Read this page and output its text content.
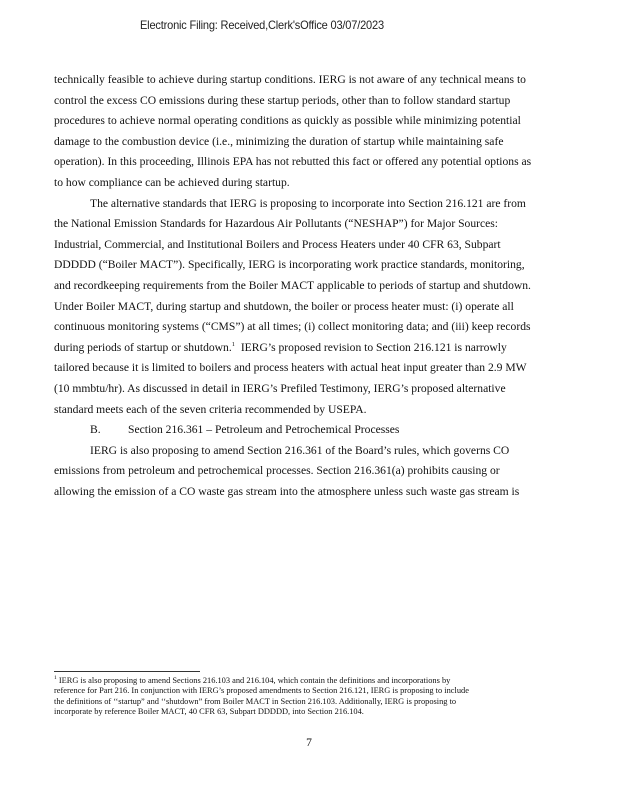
Electronic Filing: Received,Clerk'sOffice 03/07/2023

technically feasible to achieve during startup conditions. IERG is not aware of any technical means to
control the excess CO emissions during these startup periods, other than to follow standard startup
procedures to achieve normal operating conditions as quickly as possible while minimizing potential
damage to the combustion device (i.e., minimizing the duration of startup while maintaining safe
operation). In this proceeding, Illinois EPA has not rebutted this fact or offered any potential options as
to how compliance can be achieved during startup.

The alternative standards that IERG is proposing to incorporate into Section 216.121 are from
the National Emission Standards for Hazardous Air Pollutants (“NESHAP”) for Major Sources:
Industrial, Commercial, and Institutional Boilers and Process Heaters under 40 CFR 63, Subpart
DDDDD (“Boiler MACT”). Specifically, IERG is incorporating work practice standards, monitoring,
and recordkeeping requirements from the Boiler MACT applicable to periods of startup and shutdown.
Under Boiler MACT, during startup and shutdown, the boiler or process heater must: (i) operate all
continuous monitoring systems (“CMS”) at all times; (i) collect monitoring data; and (iii) keep records
during periods of startup or shutdown.$^1$  IERG’s proposed revision to Section 216.121 is narrowly
tailored because it is limited to boilers and process heaters with actual heat input greater than 2.9 MW
(10 mmbtu/hr). As discussed in detail in IERG’s Prefiled Testimony, IERG’s proposed alternative
standard meets each of the seven criteria recommended by USEPA.

B. Section 216.361 – Petroleum and Petrochemical Processes

IERG is also proposing to amend Section 216.361 of the Board’s rules, which governs CO
emissions from petroleum and petrochemical processes. Section 216.361(a) prohibits causing or
allowing the emission of a CO waste gas stream into the atmosphere unless such waste gas stream is

$^1$ IERG is also proposing to amend Sections 216.103 and 216.104, which contain the definitions and incorporations by
reference for Part 216. In conjunction with IERG’s proposed amendments to Section 216.121, IERG is proposing to include
the definitions of ‘‘startup” and ‘‘shutdown” from Boiler MACT in Section 216.103. Additionally, IERG is proposing to
incorporate by reference Boiler MACT, 40 CFR 63, Subpart DDDDD, into Section 216.104.
7
